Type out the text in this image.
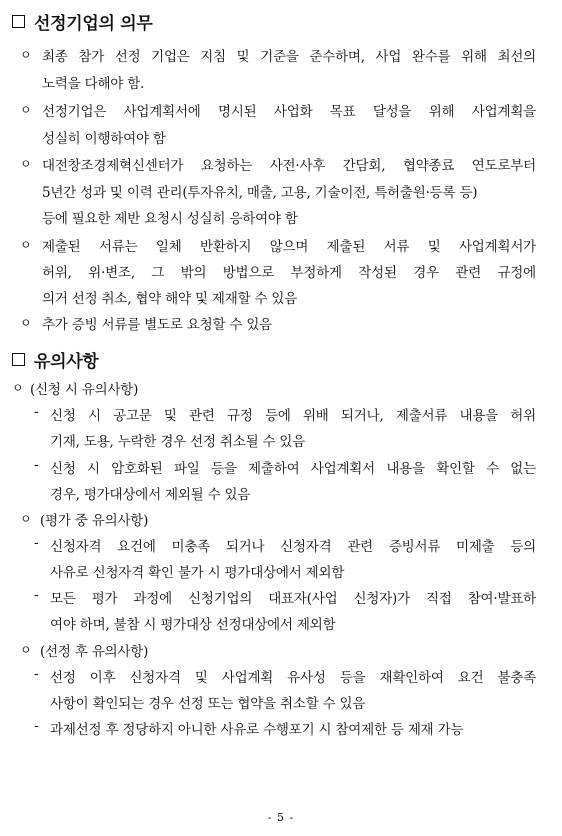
선정기업의 의무
ㅇ 최종 참가 선정 기업은 지침 및 기준을 준수하며, 사업 완수를 위해 최선의
노력을 다해야 함.
ㅇ 선정기업은 사업계획서에 명시된 사업화 목표 달성을 위해 사업계획을
성실히 이행하여야 함
ㅇ 대전창조경제혁신센터가 요청하는 사전·사후 간담회, 협약종료 연도로부터
5년간 성과 및 이력 관리(투자유치, 매출, 고용, 기술이전, 특허출원·등록 등)
등에 필요한 제반 요청시 성실히 응하여야 함
ㅇ 제출된 서류는 일체 반환하지 않으며 제출된 서류 및 사업계획서가
허위, 위·변조, 그 밖의 방법으로 부정하게 작성된 경우 관련 규정에
의거 선정 취소, 협약 해약 및 제재할 수 있음
ㅇ 추가 증빙 서류를 별도로 요청할 수 있음
유의사항
ㅇ (신청 시 유의사항)
- 신청 시 공고문 및 관련 규정 등에 위배 되거나, 제출서류 내용을 허위
기재, 도용, 누락한 경우 선정 취소될 수 있음
- 신청 시 암호화된 파일 등을 제출하여 사업계획서 내용을 확인할 수 없는
경우, 평가대상에서 제외될 수 있음
ㅇ (평가 중 유의사항)
- 신청자격 요건에 미충족 되거나 신청자격 관련 증빙서류 미제출 등의
사유로 신청자격 확인 불가 시 평가대상에서 제외함
- 모든 평가 과정에 신청기업의 대표자(사업 신청자)가 직접 참여·발표하
여야 하며, 불참 시 평가대상 선정대상에서 제외함
ㅇ (선정 후 유의사항)
- 선정 이후 신청자격 및 사업계획 유사성 등을 재확인하여 요건 불충족
사항이 확인되는 경우 선정 또는 협약을 취소할 수 있음
- 과제선정 후 정당하지 아니한 사유로 수행포기 시 참여제한 등 제재 가능
- 5 -
